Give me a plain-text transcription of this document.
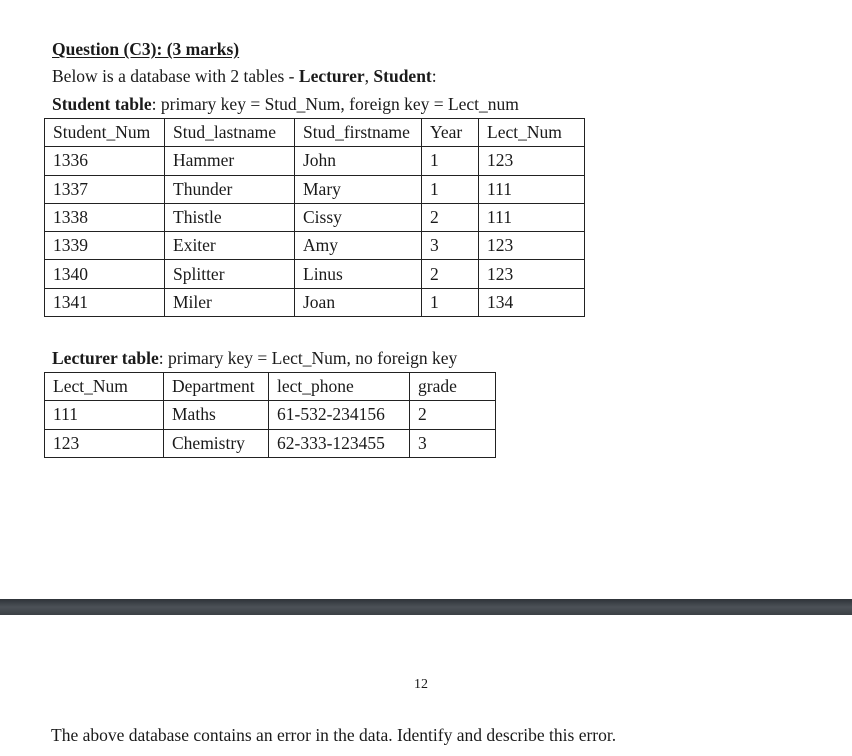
Question (C3): (3 marks)
Below is a database with 2 tables - Lecturer, Student:
Student table: primary key = Stud_Num, foreign key = Lect_num
Student_Num	Stud_lastname	Stud_firstname	Year	Lect_Num
1336	Hammer	John	1	123
1337	Thunder	Mary	1	111
1338	Thistle	Cissy	2	111
1339	Exiter	Amy	3	123
1340	Splitter	Linus	2	123
1341	Miler	Joan	1	134
Lecturer table: primary key = Lect_Num, no foreign key
Lect_Num	Department	lect_phone	grade
111	Maths	61-532-234156	2
123	Chemistry	62-333-123455	3
12
The above database contains an error in the data. Identify and describe this error.
